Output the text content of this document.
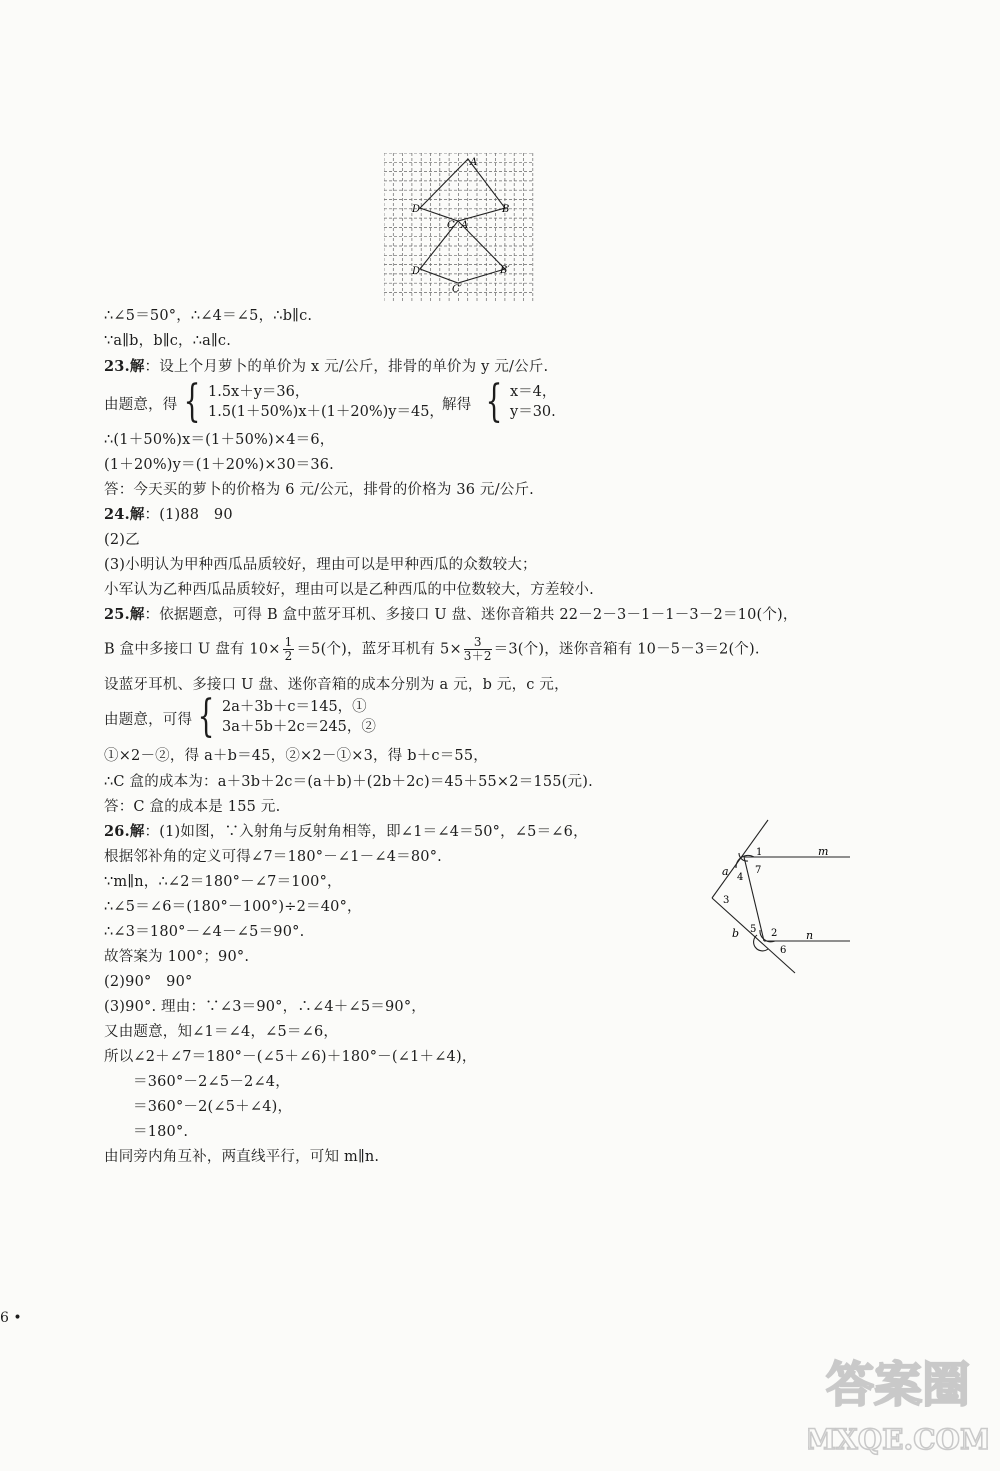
A
D	B
C A
D′	B′
C′
∴∠5＝50°，∴∠4＝∠5，∴b∥c.
∵a∥b，b∥c，∴a∥c.
23.解：设上个月萝卜的单价为 x 元/公斤，排骨的单价为 y 元/公斤.
由题意，得 { 1.5x＋y＝36，
1.5(1＋50%)x＋(1＋20%)y＝45，
解得 { x＝4，
y＝30.
∴(1＋50%)x＝(1＋50%)×4＝6，
(1＋20%)y＝(1＋20%)×30＝36.
答：今天买的萝卜的价格为 6 元/公元，排骨的价格为 36 元/公斤.
24.解：(1)88　90
(2)乙
(3)小明认为甲种西瓜品质较好，理由可以是甲种西瓜的众数较大；
小军认为乙种西瓜品质较好，理由可以是乙种西瓜的中位数较大，方差较小.
25.解：依据题意，可得 B 盒中蓝牙耳机、多接口 U 盘、迷你音箱共 22－2－3－1－1－3－2＝10(个)，
B 盒中多接口 U 盘有 $10\times \frac{1}{2} =5$(个)，蓝牙耳机有 $5\times \frac{3}{3+2} =3$(个)，迷你音箱有 10－5－3＝2(个).
设蓝牙耳机、多接口 U 盘、迷你音箱的成本分别为 a 元，b 元，c 元，
由题意，可得 { 2a＋3b＋c＝145，①
3a＋5b＋2c＝245，②
①×2－②，得 a＋b＝45，②×2－①×3，得 b＋c＝55，
∴C 盒的成本为：a＋3b＋2c＝(a＋b)＋(2b＋2c)＝45＋55×2＝155(元).
答：C 盒的成本是 155 元.
26.解：(1)如图，∵入射角与反射角相等，即∠1＝∠4＝50°，∠5＝∠6，
根据邻补角的定义可得∠7＝180°－∠1－∠4＝80°.
∵m∥n，∴∠2＝180°－∠7＝100°，
∴∠5＝∠6＝(180°－100°)÷2＝40°，
∴∠3＝180°－∠4－∠5＝90°.
故答案为 100°；90°.
(2)90°　90°
(3)90°. 理由：∵∠3＝90°，∴∠4＋∠5＝90°，
又由题意，知∠1＝∠4，∠5＝∠6，
所以∠2＋∠7＝180°－(∠5＋∠6)＋180°－(∠1＋∠4)，
＝360°－2∠5－2∠4，
＝360°－2(∠5＋∠4)，
＝180°.
由同旁内角互补，两直线平行，可知 m∥n.
m
n
a
b
1
4
7
3
5 2
6
6 •
答案圈
MXQE.COM
